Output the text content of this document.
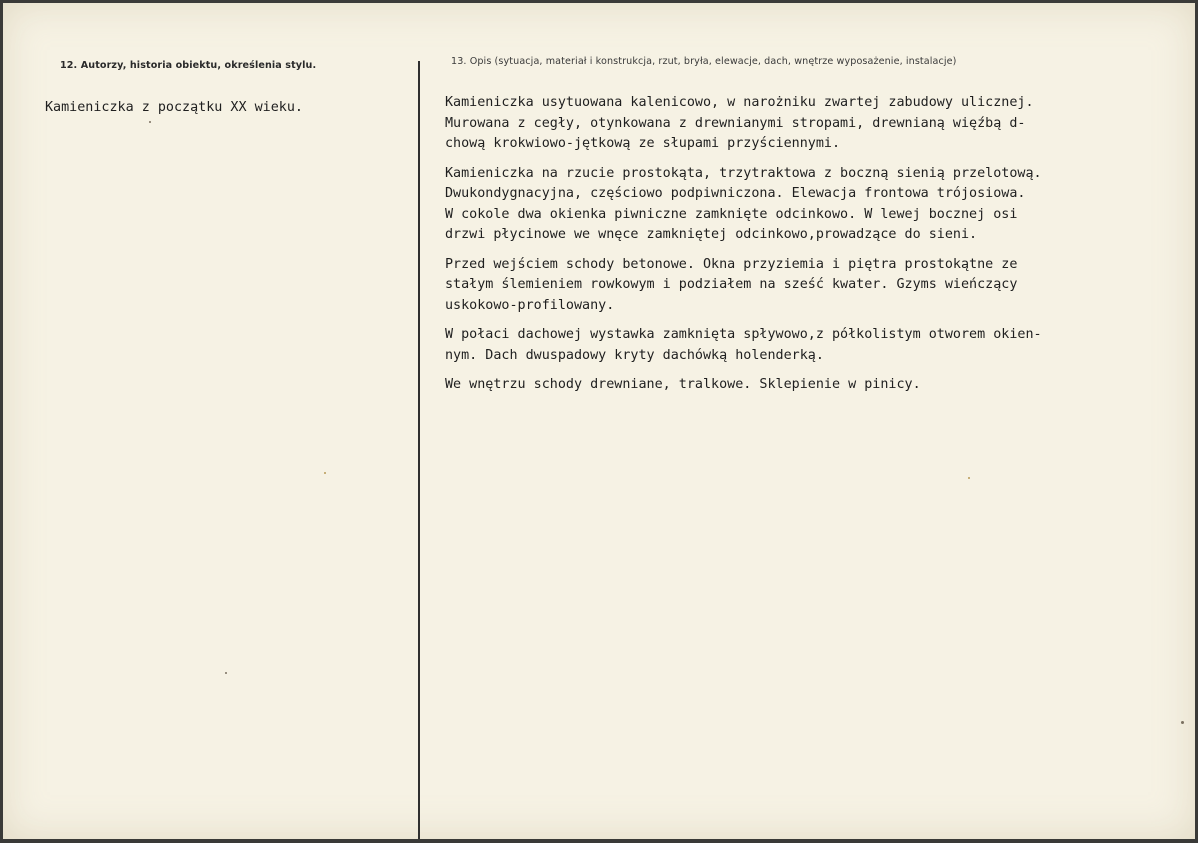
12. Autorzy, historia obiektu, określenia stylu.	13. Opis (sytuacja, materiał i konstrukcja, rzut, bryła, elewacje, dach, wnętrze wyposażenie, instalacje)
Kamieniczka z początku XX wieku.	Kamieniczka usytuowana kalenicowo, w narożniku zwartej zabudowy ulicznej.
Murowana z cegły, otynkowana z drewnianymi stropami, drewnianą więźbą d-
chową krokwiowo-jętkową ze słupami przyściennymi.
Kamieniczka na rzucie prostokąta, trzytraktowa z boczną sienią przelotową.
Dwukondygnacyjna, częściowo podpiwniczona. Elewacja frontowa trójosiowa.
W cokole dwa okienka piwniczne zamknięte odcinkowo. W lewej bocznej osi
drzwi płycinowe we wnęce zamkniętej odcinkowo,prowadzące do sieni.
Przed wejściem schody betonowe. Okna przyziemia i piętra prostokątne ze
stałym ślemieniem rowkowym i podziałem na sześć kwater. Gzyms wieńczący
uskokowo-profilowany.
W połaci dachowej wystawka zamknięta spływowo,z półkolistym otworem okien-
nym. Dach dwuspadowy kryty dachówką holenderką.
We wnętrzu schody drewniane, tralkowe. Sklepienie w pinicy.
